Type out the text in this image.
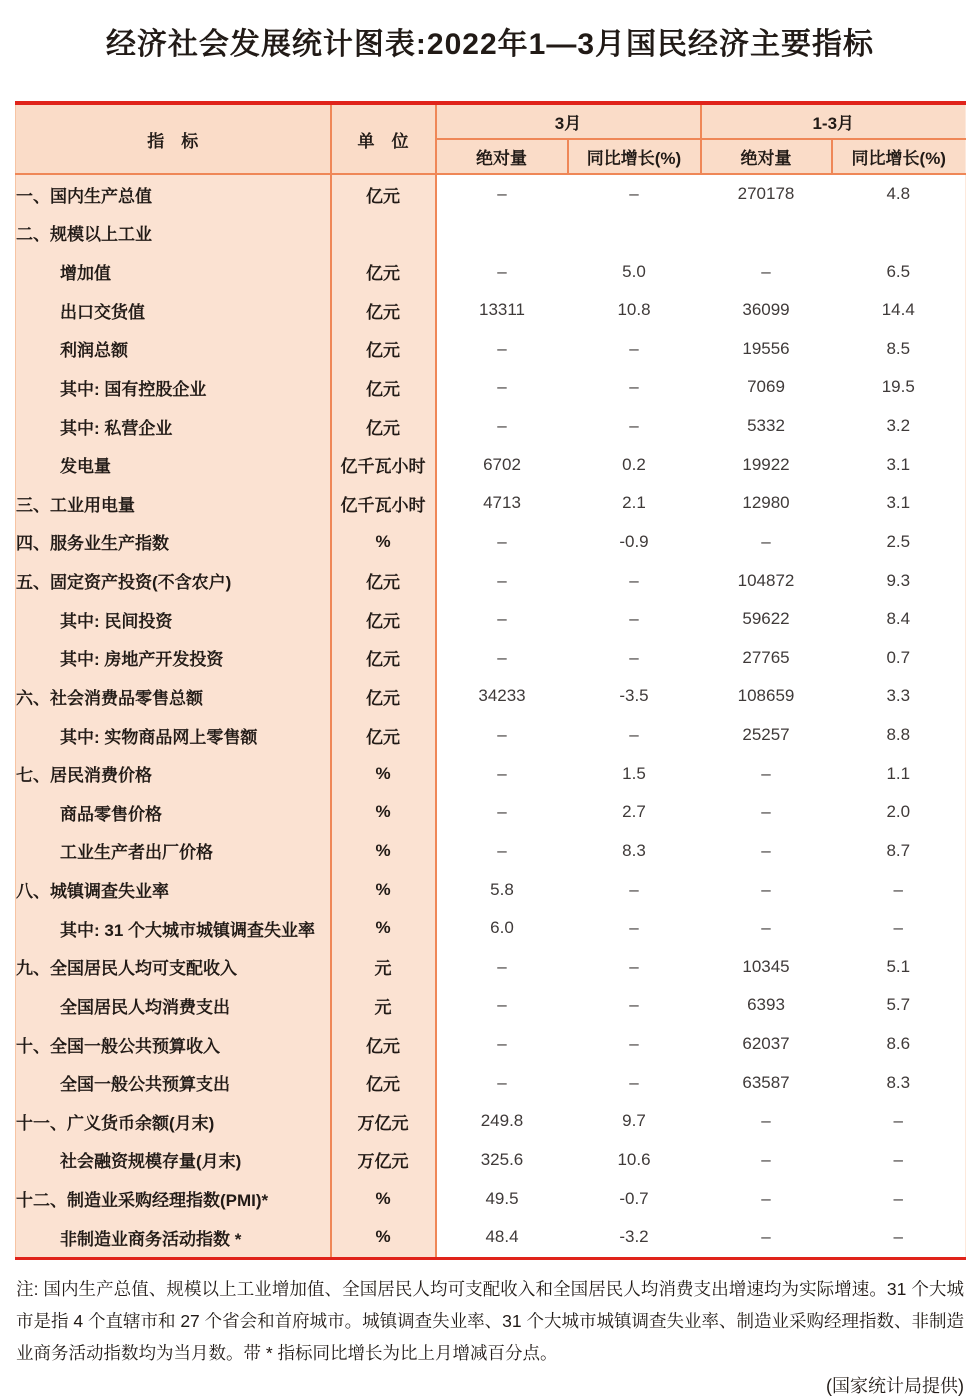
经济社会发展统计图表:2022年1—3月国民经济主要指标
指　标	单　位	3月		1-3月	
		绝对量	同比增长(%)	绝对量	同比增长(%)
一、国内生产总值	亿元	–	–	270178	4.8
二、规模以上工业					
增加值	亿元	–	5.0	–	6.5
出口交货值	亿元	13311	10.8	36099	14.4
利润总额	亿元	–	–	19556	8.5
其中: 国有控股企业	亿元	–	–	7069	19.5
其中: 私营企业	亿元	–	–	5332	3.2
发电量	亿千瓦小时	6702	0.2	19922	3.1
三、工业用电量	亿千瓦小时	4713	2.1	12980	3.1
四、服务业生产指数	%	–	-0.9	–	2.5
五、固定资产投资(不含农户)	亿元	–	–	104872	9.3
其中: 民间投资	亿元	–	–	59622	8.4
其中: 房地产开发投资	亿元	–	–	27765	0.7
六、社会消费品零售总额	亿元	34233	-3.5	108659	3.3
其中: 实物商品网上零售额	亿元	–	–	25257	8.8
七、居民消费价格	%	–	1.5	–	1.1
商品零售价格	%	–	2.7	–	2.0
工业生产者出厂价格	%	–	8.3	–	8.7
八、城镇调查失业率	%	5.8	–	–	–
其中: 31 个大城市城镇调查失业率	%	6.0	–	–	–
九、全国居民人均可支配收入	元	–	–	10345	5.1
全国居民人均消费支出	元	–	–	6393	5.7
十、全国一般公共预算收入	亿元	–	–	62037	8.6
全国一般公共预算支出	亿元	–	–	63587	8.3
十一、广义货币余额(月末)	万亿元	249.8	9.7	–	–
社会融资规模存量(月末)	万亿元	325.6	10.6	–	–
十二、制造业采购经理指数(PMI)*	%	49.5	-0.7	–	–
非制造业商务活动指数 *	%	48.4	-3.2	–	–

注: 国内生产总值、规模以上工业增加值、全国居民人均可支配收入和全国居民人均消费支出增速均为实际增速。31 个大城市是指 4 个直辖市和 27 个省会和首府城市。城镇调查失业率、31 个大城市城镇调查失业率、制造业采购经理指数、非制造业商务活动指数均为当月数。带 * 指标同比增长为比上月增减百分点。

(国家统计局提供)
